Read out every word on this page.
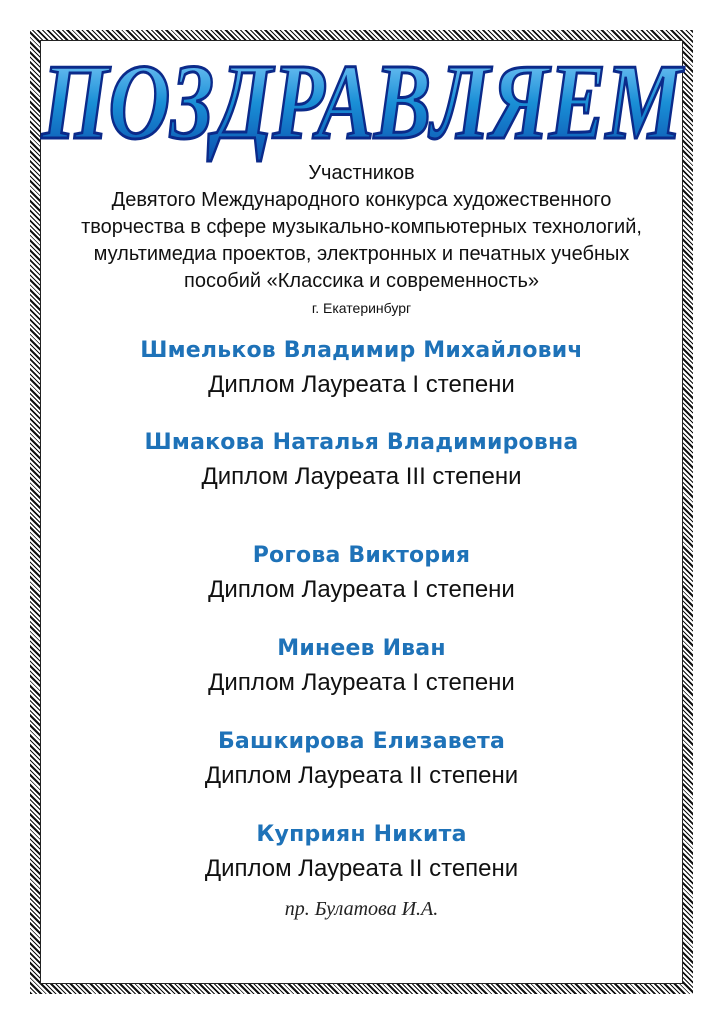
ПОЗДРАВЛЯЕМ
Участников
Девятого Международного конкурса художественного
творчества в сфере музыкально-компьютерных технологий,
мультимедиа проектов, электронных и печатных учебных
пособий «Классика и современность»
г. Екатеринбург
Шмельков Владимир Михайлович
Диплом Лауреата I степени
Шмакова Наталья Владимировна
Диплом Лауреата III степени
Рогова Виктория
Диплом Лауреата I степени
Минеев Иван
Диплом Лауреата I степени
Башкирова Елизавета
Диплом Лауреата II степени
Куприян Никита
Диплом Лауреата II степени
пр. Булатова И.А.
